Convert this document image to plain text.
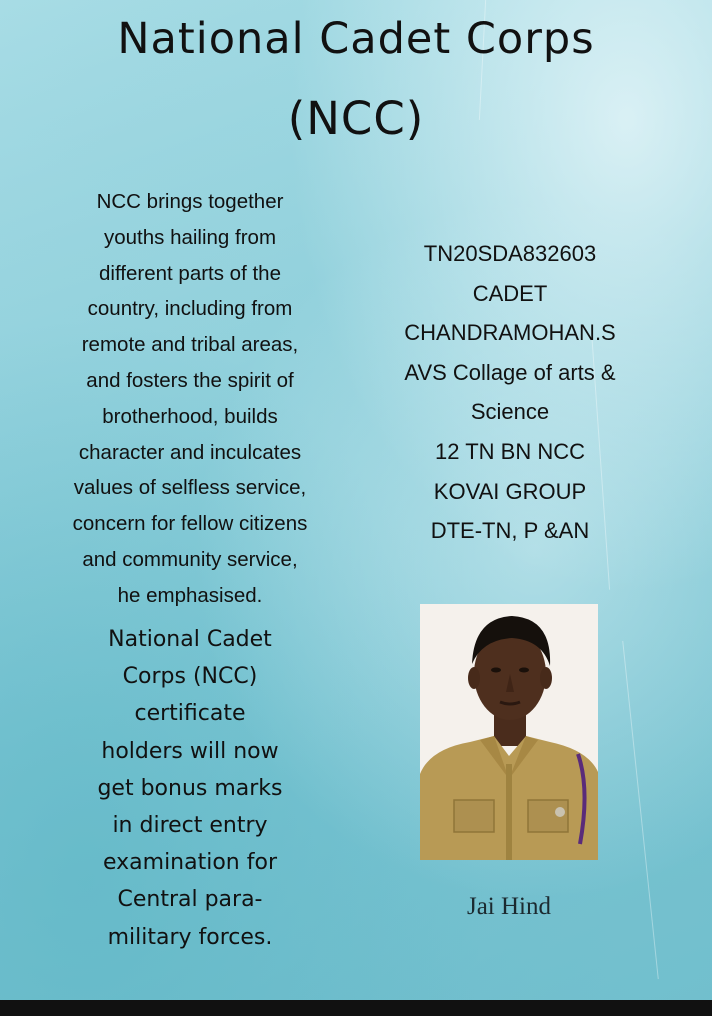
National Cadet Corps
(NCC)

NCC brings together
youths hailing from
different parts of the
country, including from
remote and tribal areas,
and fosters the spirit of
brotherhood, builds
character and inculcates
values of selfless service,
concern for fellow citizens
and community service,
he emphasised.

TN20SDA832603
CADET
CHANDRAMOHAN.S
AVS Collage of arts &
Science
12 TN BN NCC
KOVAI GROUP
DTE-TN, P &AN

National Cadet
Corps (NCC)
certificate
holders will now
get bonus marks
in direct entry
examination for
Central para-
military forces.

Jai Hind
